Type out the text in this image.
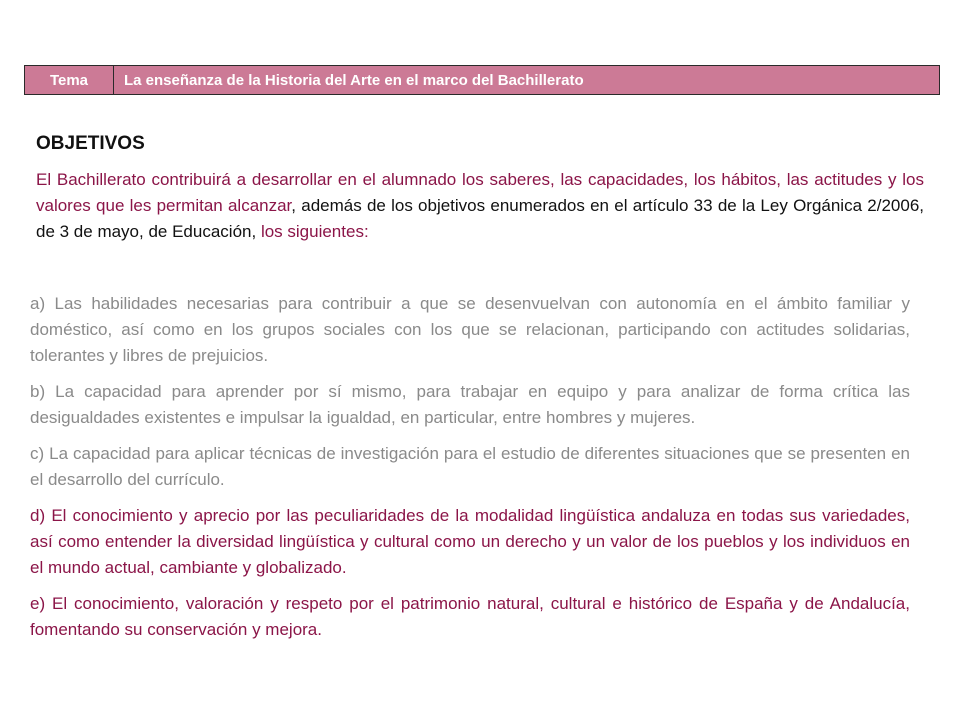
Tema	La enseñanza de la Historia del Arte en el marco del Bachillerato
OBJETIVOS

El Bachillerato contribuirá a desarrollar en el alumnado los saberes, las capacidades, los hábitos, las actitudes y los valores que les permitan alcanzar, además de los objetivos enumerados en el artículo 33 de la Ley Orgánica 2/2006, de 3 de mayo, de Educación, los siguientes:

a) Las habilidades necesarias para contribuir a que se desenvuelvan con autonomía en el ámbito familiar y doméstico, así como en los grupos sociales con los que se relacionan, participando con actitudes solidarias, tolerantes y libres de prejuicios.

b) La capacidad para aprender por sí mismo, para trabajar en equipo y para analizar de forma crítica las desigualdades existentes e impulsar la igualdad, en particular, entre hombres y mujeres.

c) La capacidad para aplicar técnicas de investigación para el estudio de diferentes situaciones que se presenten en el desarrollo del currículo.

d) El conocimiento y aprecio por las peculiaridades de la modalidad lingüística andaluza en todas sus variedades, así como entender la diversidad lingüística y cultural como un derecho y un valor de los pueblos y los individuos en el mundo actual, cambiante y globalizado.

e) El conocimiento, valoración y respeto por el patrimonio natural, cultural e histórico de España y de Andalucía, fomentando su conservación y mejora.
